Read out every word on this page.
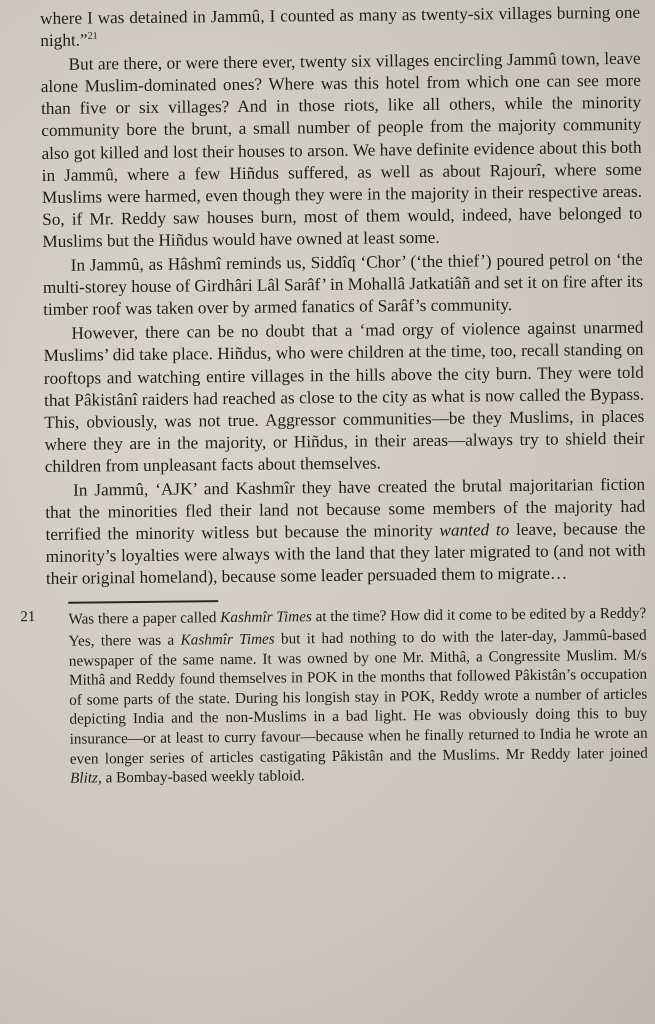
where I was detained in Jammû, I counted as many as twenty-six villages burning one night.”$^{21}$

But are there, or were there ever, twenty six villages encircling Jammû town, leave alone Muslim-dominated ones? Where was this hotel from which one can see more than five or six villages? And in those riots, like all others, while the minority community bore the brunt, a small number of people from the majority community also got killed and lost their houses to arson. We have definite evidence about this both in Jammû, where a few Hiñdus suffered, as well as about Rajourî, where some Muslims were harmed, even though they were in the majority in their respective areas. So, if Mr. Reddy saw houses burn, most of them would, indeed, have belonged to Muslims but the Hiñdus would have owned at least some.

In Jammû, as Hâshmî reminds us, Siddîq ‘Chor’ (‘the thief’) poured petrol on ‘the multi-storey house of Girdhâri Lâl Sarâf’ in Mohallâ Jatkatiâñ and set it on fire after its timber roof was taken over by armed fanatics of Sarâf’s community.

However, there can be no doubt that a ‘mad orgy of violence against unarmed Muslims’ did take place. Hiñdus, who were children at the time, too, recall standing on rooftops and watching entire villages in the hills above the city burn. They were told that Pâkistânî raiders had reached as close to the city as what is now called the Bypass. This, obviously, was not true. Aggressor communities—be they Muslims, in places where they are in the majority, or Hiñdus, in their areas—always try to shield their children from unpleasant facts about themselves.

In Jammû, ‘AJK’ and Kashmîr they have created the brutal majoritarian fiction that the minorities fled their land not because some members of the majority had terrified the minority witless but because the minority wanted to leave, because the minority’s loyalties were always with the land that they later migrated to (and not with their original homeland), because some leader persuaded them to migrate…

21 Was there a paper called Kashmîr Times at the time? How did it come to be edited by a Reddy?

Yes, there was a Kashmîr Times but it had nothing to do with the later-day, Jammû-based newspaper of the same name. It was owned by one Mr. Mithâ, a Congressite Muslim. M/s Mithâ and Reddy found themselves in POK in the months that followed Pâkistân’s occupation of some parts of the state. During his longish stay in POK, Reddy wrote a number of articles depicting India and the non-Muslims in a bad light. He was obviously doing this to buy insurance—or at least to curry favour—because when he finally returned to India he wrote an even longer series of articles castigating Pâkistân and the Muslims. Mr Reddy later joined Blitz, a Bombay-based weekly tabloid.
